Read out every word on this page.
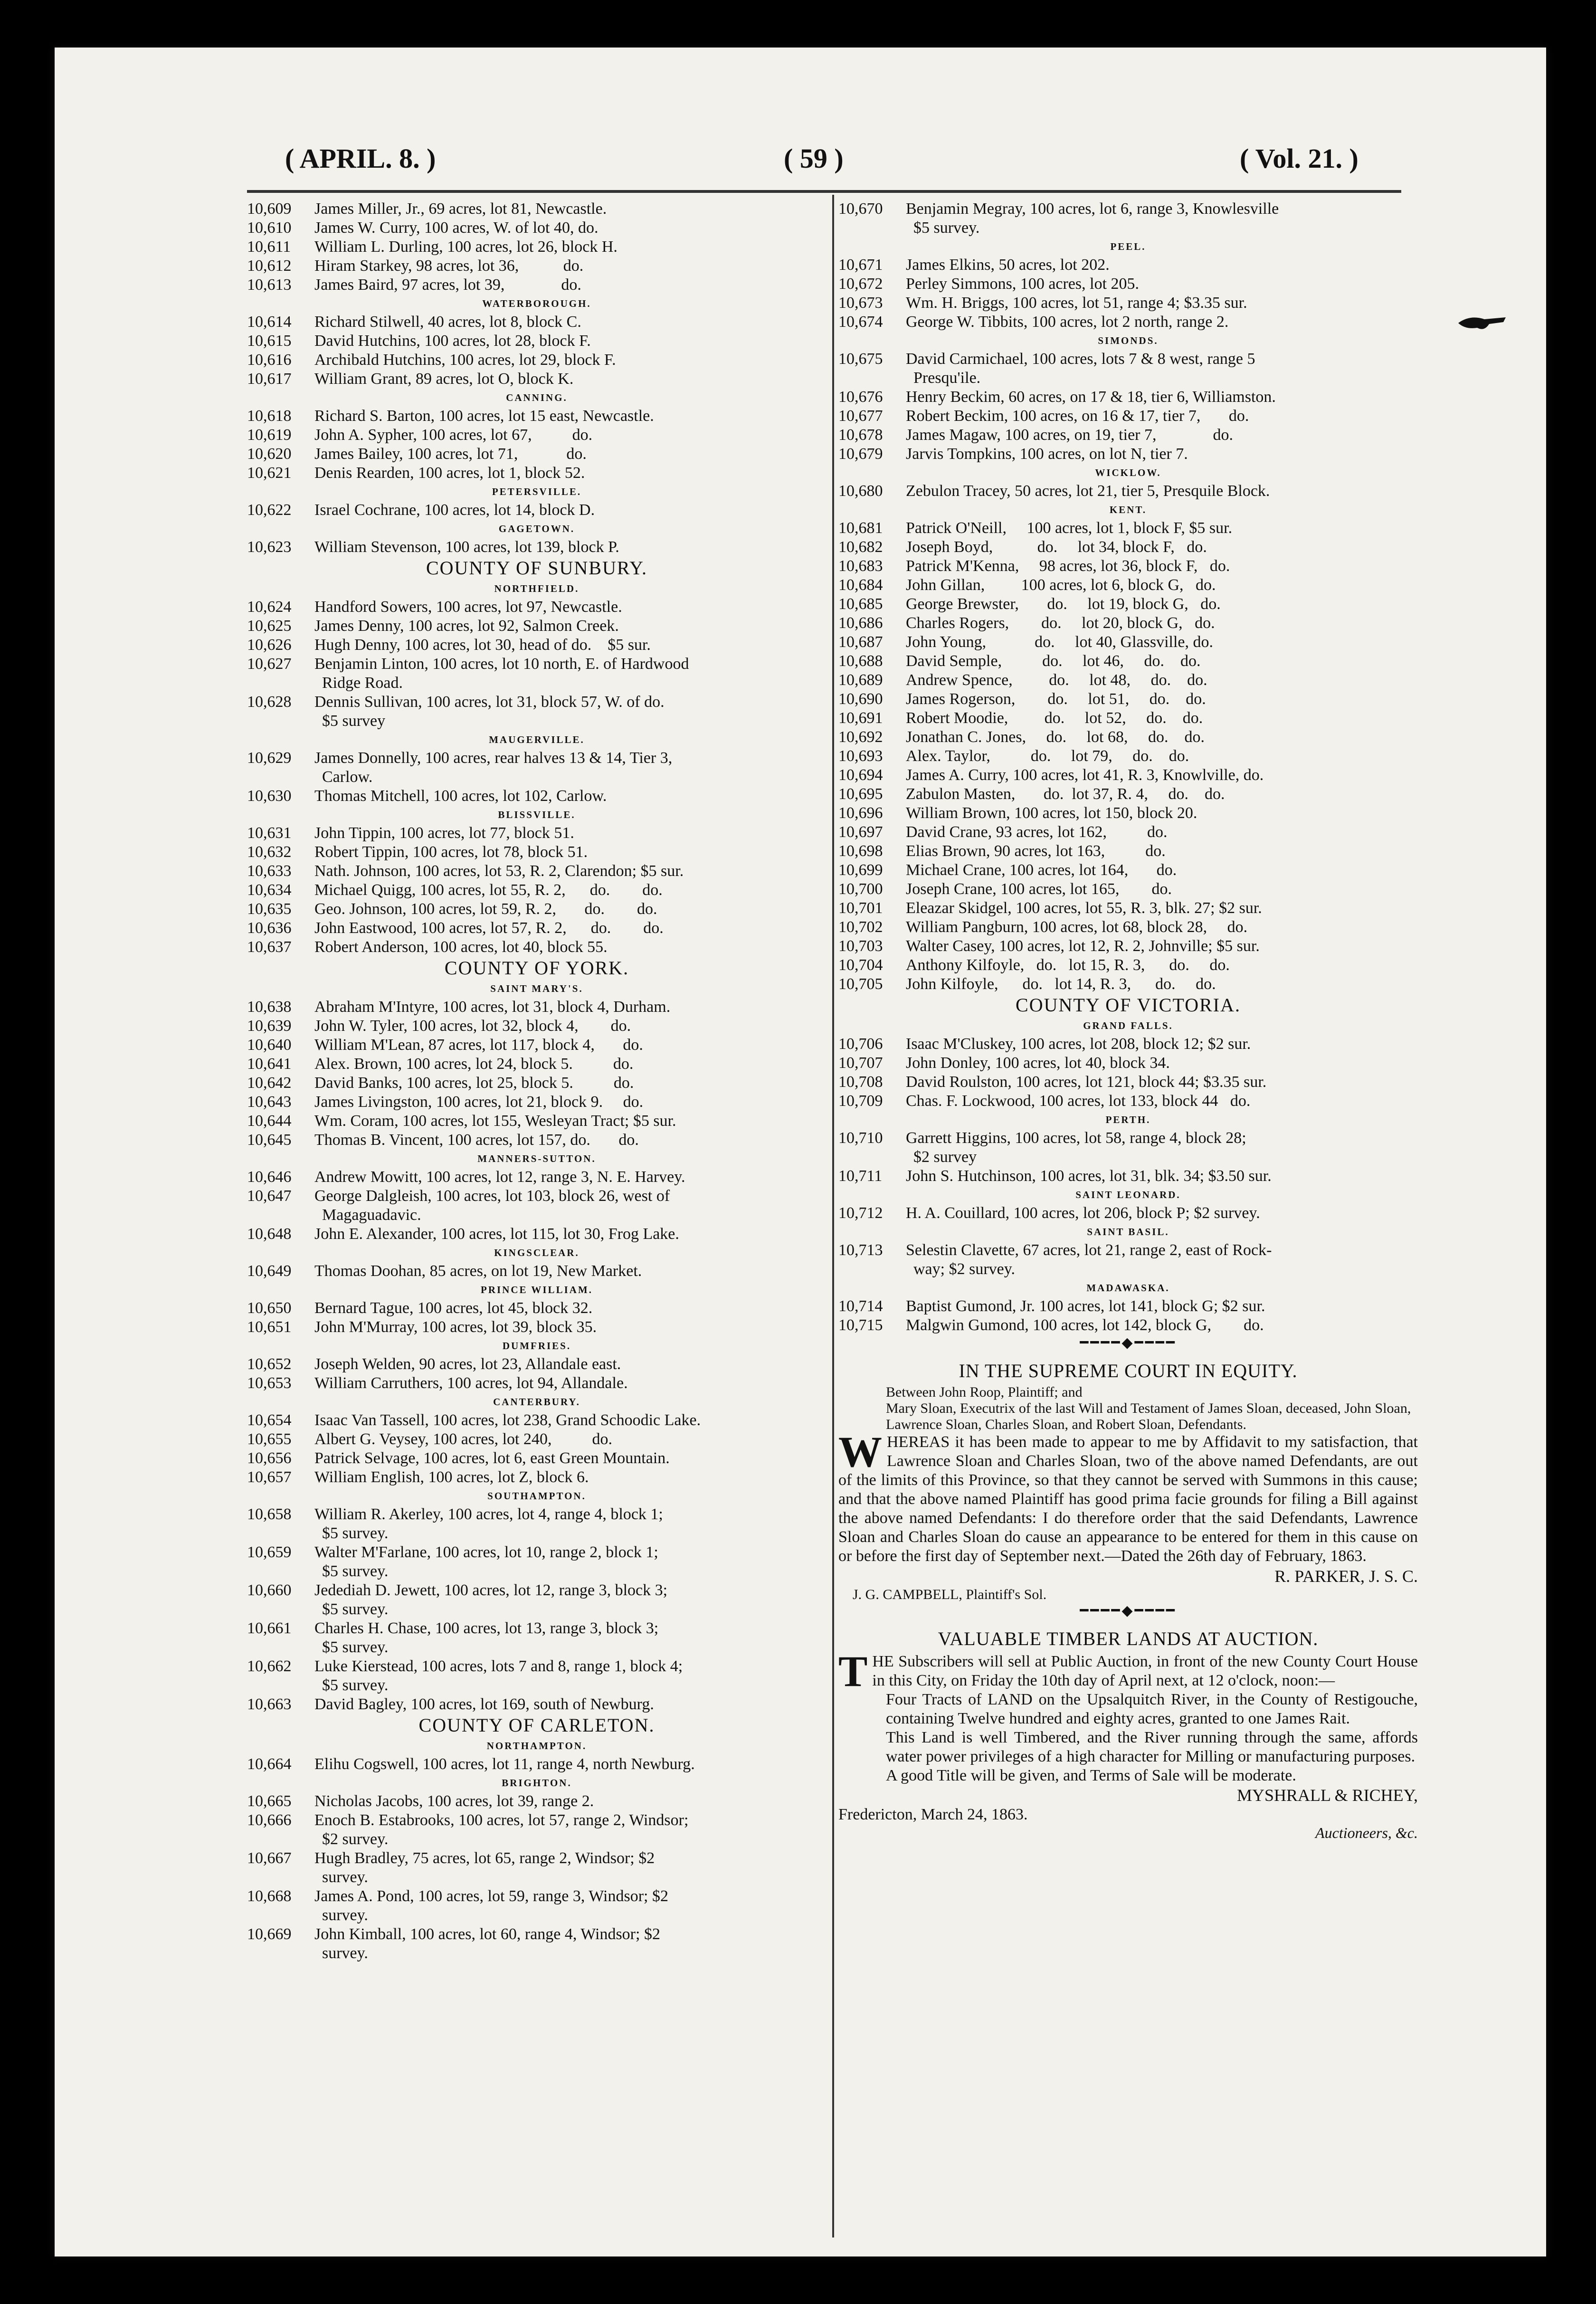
( APRIL. 8. )	( 59 )	( Vol. 21. )
10,609 James Miller, Jr., 69 acres, lot 81, Newcastle.
10,610 James W. Curry, 100 acres, W. of lot 40, do.
10,611 William L. Durling, 100 acres, lot 26, block H.
10,612 Hiram Starkey, 98 acres, lot 36,           do.
10,613 James Baird, 97 acres, lot 39,              do.
WATERBOROUGH.
10,614 Richard Stilwell, 40 acres, lot 8, block C.
10,615 David Hutchins, 100 acres, lot 28, block F.
10,616 Archibald Hutchins, 100 acres, lot 29, block F.
10,617 William Grant, 89 acres, lot O, block K.
CANNING.
10,618 Richard S. Barton, 100 acres, lot 15 east, Newcastle.
10,619 John A. Sypher, 100 acres, lot 67,          do.
10,620 James Bailey, 100 acres, lot 71,            do.
10,621 Denis Rearden, 100 acres, lot 1, block 52.
PETERSVILLE.
10,622 Israel Cochrane, 100 acres, lot 14, block D.
GAGETOWN.
10,623 William Stevenson, 100 acres, lot 139, block P.
COUNTY OF SUNBURY.
NORTHFIELD.
10,624 Handford Sowers, 100 acres, lot 97, Newcastle.
10,625 James Denny, 100 acres, lot 92, Salmon Creek.
10,626 Hugh Denny, 100 acres, lot 30, head of do.    $5 sur.
10,627 Benjamin Linton, 100 acres, lot 10 north, E. of Hardwood
Ridge Road.
10,628 Dennis Sullivan, 100 acres, lot 31, block 57, W. of do.
$5 survey
MAUGERVILLE.
10,629 James Donnelly, 100 acres, rear halves 13 & 14, Tier 3,
Carlow.
10,630 Thomas Mitchell, 100 acres, lot 102, Carlow.
BLISSVILLE.
10,631 John Tippin, 100 acres, lot 77, block 51.
10,632 Robert Tippin, 100 acres, lot 78, block 51.
10,633 Nath. Johnson, 100 acres, lot 53, R. 2, Clarendon; $5 sur.
10,634 Michael Quigg, 100 acres, lot 55, R. 2,      do.        do.
10,635 Geo. Johnson, 100 acres, lot 59, R. 2,       do.        do.
10,636 John Eastwood, 100 acres, lot 57, R. 2,      do.        do.
10,637 Robert Anderson, 100 acres, lot 40, block 55.
COUNTY OF YORK.
SAINT MARY'S.
10,638 Abraham M'Intyre, 100 acres, lot 31, block 4, Durham.
10,639 John W. Tyler, 100 acres, lot 32, block 4,        do.
10,640 William M'Lean, 87 acres, lot 117, block 4,       do.
10,641 Alex. Brown, 100 acres, lot 24, block 5.          do.
10,642 David Banks, 100 acres, lot 25, block 5.          do.
10,643 James Livingston, 100 acres, lot 21, block 9.     do.
10,644 Wm. Coram, 100 acres, lot 155, Wesleyan Tract; $5 sur.
10,645 Thomas B. Vincent, 100 acres, lot 157, do.       do.
MANNERS-SUTTON.
10,646 Andrew Mowitt, 100 acres, lot 12, range 3, N. E. Harvey.
10,647 George Dalgleish, 100 acres, lot 103, block 26, west of
Magaguadavic.
10,648 John E. Alexander, 100 acres, lot 115, lot 30, Frog Lake.
KINGSCLEAR.
10,649 Thomas Doohan, 85 acres, on lot 19, New Market.
PRINCE WILLIAM.
10,650 Bernard Tague, 100 acres, lot 45, block 32.
10,651 John M'Murray, 100 acres, lot 39, block 35.
DUMFRIES.
10,652 Joseph Welden, 90 acres, lot 23, Allandale east.
10,653 William Carruthers, 100 acres, lot 94, Allandale.
CANTERBURY.
10,654 Isaac Van Tassell, 100 acres, lot 238, Grand Schoodic Lake.
10,655 Albert G. Veysey, 100 acres, lot 240,          do.
10,656 Patrick Selvage, 100 acres, lot 6, east Green Mountain.
10,657 William English, 100 acres, lot Z, block 6.
SOUTHAMPTON.
10,658 William R. Akerley, 100 acres, lot 4, range 4, block 1;
$5 survey.
10,659 Walter M'Farlane, 100 acres, lot 10, range 2, block 1;
$5 survey.
10,660 Jedediah D. Jewett, 100 acres, lot 12, range 3, block 3;
$5 survey.
10,661 Charles H. Chase, 100 acres, lot 13, range 3, block 3;
$5 survey.
10,662 Luke Kierstead, 100 acres, lots 7 and 8, range 1, block 4;
$5 survey.
10,663 David Bagley, 100 acres, lot 169, south of Newburg.
COUNTY OF CARLETON.
NORTHAMPTON.
10,664 Elihu Cogswell, 100 acres, lot 11, range 4, north Newburg.
BRIGHTON.
10,665 Nicholas Jacobs, 100 acres, lot 39, range 2.
10,666 Enoch B. Estabrooks, 100 acres, lot 57, range 2, Windsor;
$2 survey.
10,667 Hugh Bradley, 75 acres, lot 65, range 2, Windsor; $2
survey.
10,668 James A. Pond, 100 acres, lot 59, range 3, Windsor; $2
survey.
10,669 John Kimball, 100 acres, lot 60, range 4, Windsor; $2
survey.
10,670 Benjamin Megray, 100 acres, lot 6, range 3, Knowlesville
$5 survey.
PEEL.
10,671 James Elkins, 50 acres, lot 202.
10,672 Perley Simmons, 100 acres, lot 205.
10,673 Wm. H. Briggs, 100 acres, lot 51, range 4; $3.35 sur.
10,674 George W. Tibbits, 100 acres, lot 2 north, range 2.
SIMONDS.
10,675 David Carmichael, 100 acres, lots 7 & 8 west, range 5
Presqu'ile.
10,676 Henry Beckim, 60 acres, on 17 & 18, tier 6, Williamston.
10,677 Robert Beckim, 100 acres, on 16 & 17, tier 7,       do.
10,678 James Magaw, 100 acres, on 19, tier 7,              do.
10,679 Jarvis Tompkins, 100 acres, on lot N, tier 7.
WICKLOW.
10,680 Zebulon Tracey, 50 acres, lot 21, tier 5, Presquile Block.
KENT.
10,681 Patrick O'Neill,     100 acres, lot 1, block F, $5 sur.
10,682 Joseph Boyd,           do.     lot 34, block F,   do.
10,683 Patrick M'Kenna,     98 acres, lot 36, block F,   do.
10,684 John Gillan,         100 acres, lot 6, block G,   do.
10,685 George Brewster,       do.     lot 19, block G,   do.
10,686 Charles Rogers,        do.     lot 20, block G,   do.
10,687 John Young,            do.     lot 40, Glassville, do.
10,688 David Semple,          do.     lot 46,     do.    do.
10,689 Andrew Spence,         do.     lot 48,     do.    do.
10,690 James Rogerson,        do.     lot 51,     do.    do.
10,691 Robert Moodie,         do.     lot 52,     do.    do.
10,692 Jonathan C. Jones,     do.     lot 68,     do.    do.
10,693 Alex. Taylor,          do.     lot 79,     do.    do.
10,694 James A. Curry, 100 acres, lot 41, R. 3, Knowlville, do.
10,695 Zabulon Masten,       do.  lot 37, R. 4,     do.    do.
10,696 William Brown, 100 acres, lot 150, block 20.
10,697 David Crane, 93 acres, lot 162,          do.
10,698 Elias Brown, 90 acres, lot 163,          do.
10,699 Michael Crane, 100 acres, lot 164,       do.
10,700 Joseph Crane, 100 acres, lot 165,        do.
10,701 Eleazar Skidgel, 100 acres, lot 55, R. 3, blk. 27; $2 sur.
10,702 William Pangburn, 100 acres, lot 68, block 28,     do.
10,703 Walter Casey, 100 acres, lot 12, R. 2, Johnville; $5 sur.
10,704 Anthony Kilfoyle,   do.   lot 15, R. 3,      do.     do.
10,705 John Kilfoyle,      do.   lot 14, R. 3,      do.     do.
COUNTY OF VICTORIA.
GRAND FALLS.
10,706 Isaac M'Cluskey, 100 acres, lot 208, block 12; $2 sur.
10,707 John Donley, 100 acres, lot 40, block 34.
10,708 David Roulston, 100 acres, lot 121, block 44; $3.35 sur.
10,709 Chas. F. Lockwood, 100 acres, lot 133, block 44   do.
PERTH.
10,710 Garrett Higgins, 100 acres, lot 58, range 4, block 28;
$2 survey
10,711 John S. Hutchinson, 100 acres, lot 31, blk. 34; $3.50 sur.
SAINT LEONARD.
10,712 H. A. Couillard, 100 acres, lot 206, block P; $2 survey.
SAINT BASIL.
10,713 Selestin Clavette, 67 acres, lot 21, range 2, east of Rock-
way; $2 survey.
MADAWASKA.
10,714 Baptist Gumond, Jr. 100 acres, lot 141, block G; $2 sur.
10,715 Malgwin Gumond, 100 acres, lot 142, block G,        do.
━━━━◆━━━━
IN THE SUPREME COURT IN EQUITY.
Between John Roop, Plaintiff; and
Mary Sloan, Executrix of the last Will and Testament of James Sloan, deceased, John Sloan, Lawrence Sloan, Charles Sloan, and Robert Sloan, Defendants.
WHEREAS it has been made to appear to me by Affidavit to my satisfaction, that Lawrence Sloan and Charles Sloan, two of the above named Defendants, are out of the limits of this Province, so that they cannot be served with Summons in this cause; and that the above named Plaintiff has good prima facie grounds for filing a Bill against the above named Defendants: I do therefore order that the said Defendants, Lawrence Sloan and Charles Sloan do cause an appearance to be entered for them in this cause on or before the first day of September next.—Dated the 26th day of February, 1863.
R. PARKER, J. S. C.
J. G. CAMPBELL, Plaintiff's Sol.
━━━━◆━━━━
VALUABLE TIMBER LANDS AT AUCTION.
THE Subscribers will sell at Public Auction, in front of the new County Court House in this City, on Friday the 10th day of April next, at 12 o'clock, noon:—
Four Tracts of LAND on the Upsalquitch River, in the County of Restigouche, containing Twelve hundred and eighty acres, granted to one James Rait.
This Land is well Timbered, and the River running through the same, affords water power privileges of a high character for Milling or manufacturing purposes.
A good Title will be given, and Terms of Sale will be moderate.
MYSHRALL & RICHEY,
Fredericton, March 24, 1863.
Auctioneers, &c.
